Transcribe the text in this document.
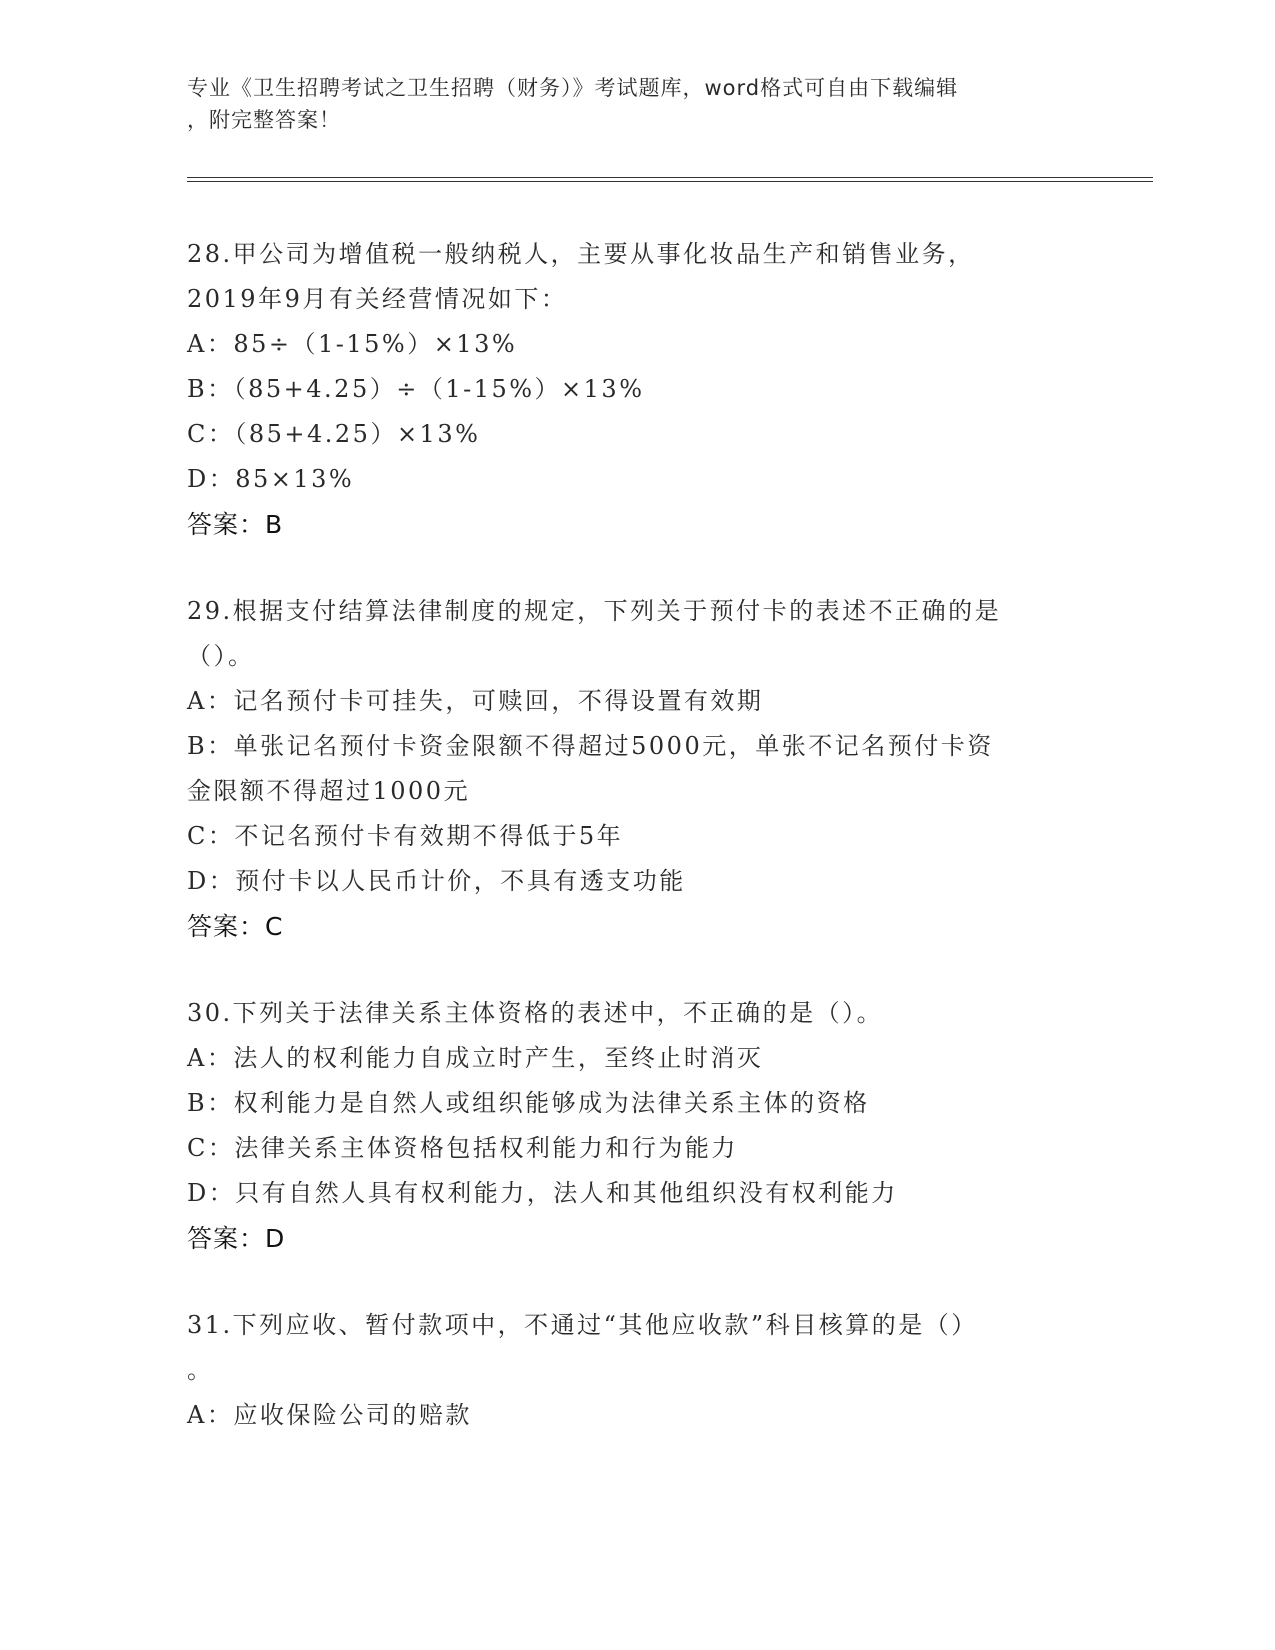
专业《卫生招聘考试之卫生招聘（财务）》考试题库，word格式可自由下载编辑
，附完整答案！
28.甲公司为增值税一般纳税人，主要从事化妆品生产和销售业务，
2019年9月有关经营情况如下：
A：85÷（1-15%）×13%
B：（85+4.25）÷（1-15%）×13%
C：（85+4.25）×13%
D：85×13%
答案：B
29.根据支付结算法律制度的规定，下列关于预付卡的表述不正确的是
（）。
A：记名预付卡可挂失，可赎回，不得设置有效期
B：单张记名预付卡资金限额不得超过5000元，单张不记名预付卡资
金限额不得超过1000元
C：不记名预付卡有效期不得低于5年
D：预付卡以人民币计价，不具有透支功能
答案：C
30.下列关于法律关系主体资格的表述中，不正确的是（）。
A：法人的权利能力自成立时产生，至终止时消灭
B：权利能力是自然人或组织能够成为法律关系主体的资格
C：法律关系主体资格包括权利能力和行为能力
D：只有自然人具有权利能力，法人和其他组织没有权利能力
答案：D
31.下列应收、暂付款项中，不通过“其他应收款”科目核算的是（）
。
A：应收保险公司的赔款
